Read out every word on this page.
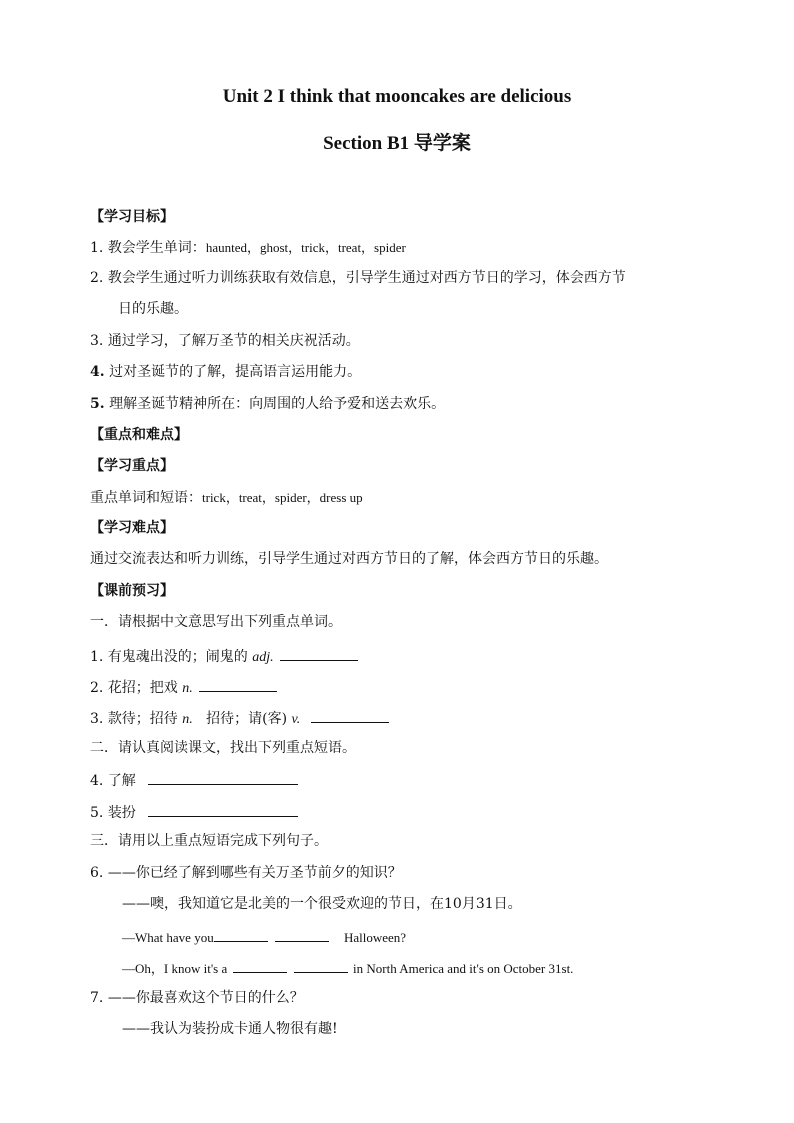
Unit 2 I think that mooncakes are delicious
Section B1 导学案
【学习目标】
1. 教会学生单词：haunted，ghost，trick，treat，spider
2. 教会学生通过听力训练获取有效信息，引导学生通过对西方节日的学习，体会西方节
日的乐趣。
3. 通过学习，了解万圣节的相关庆祝活动。
4. 过对圣诞节的了解，提高语言运用能力。
5. 理解圣诞节精神所在：向周围的人给予爱和送去欢乐。
【重点和难点】
【学习重点】
重点单词和短语：trick，treat，spider，dress up
【学习难点】
通过交流表达和听力训练，引导学生通过对西方节日的了解，体会西方节日的乐趣。
【课前预习】
一．请根据中文意思写出下列重点单词。
1. 有鬼魂出没的；闹鬼的 adj.
2. 花招；把戏 n.
3. 款待；招待 n. 招待；请(客) v.
二．请认真阅读课文，找出下列重点短语。
4. 了解
5. 装扮
三．请用以上重点短语完成下列句子。
6. ——你已经了解到哪些有关万圣节前夕的知识？
——噢，我知道它是北美的一个很受欢迎的节日，在10月31日。
—What have you	Halloween?
—Oh，I know it's a	in North America and it's on October 31st.
7. ——你最喜欢这个节日的什么？
——我认为装扮成卡通人物很有趣!
